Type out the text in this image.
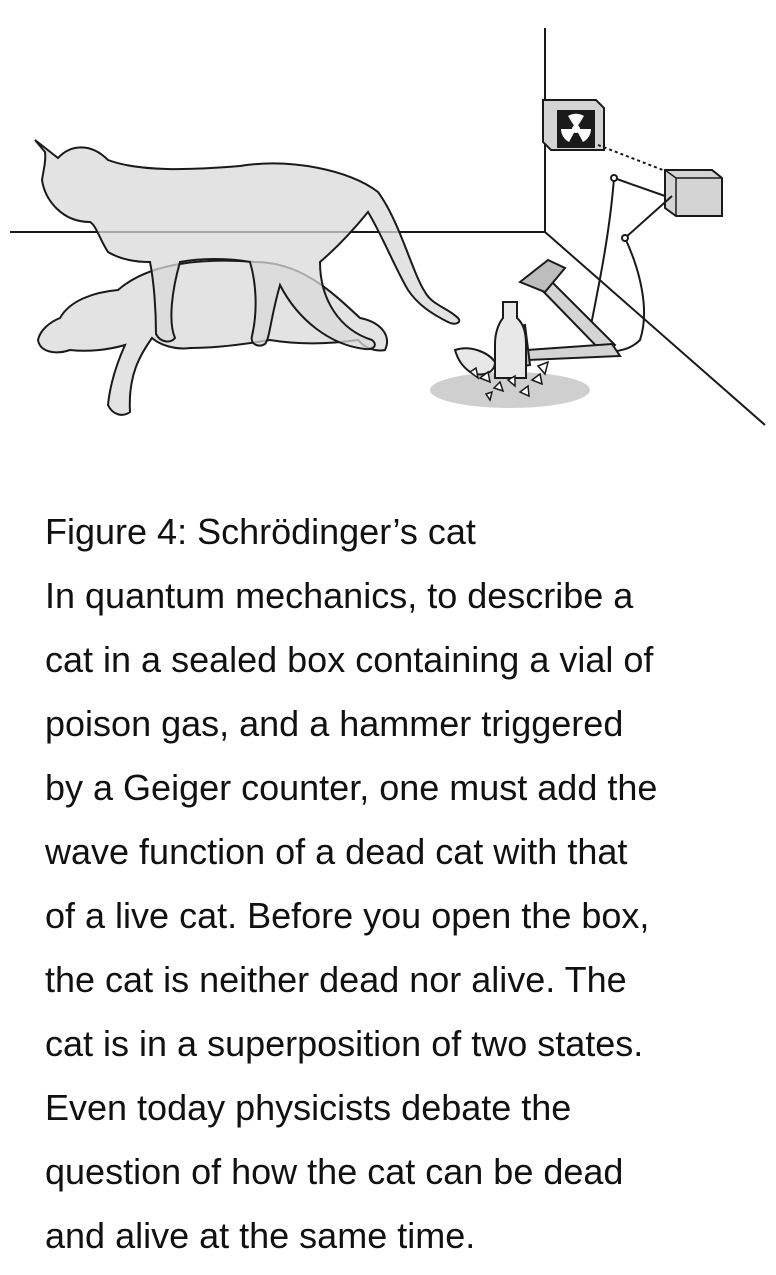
Figure 4: Schrödinger’s cat

In quantum mechanics, to describe a

cat in a sealed box containing a vial of

poison gas, and a hammer triggered

by a Geiger counter, one must add the

wave function of a dead cat with that

of a live cat. Before you open the box,

the cat is neither dead nor alive. The

cat is in a superposition of two states.

Even today physicists debate the

question of how the cat can be dead

and alive at the same time.
